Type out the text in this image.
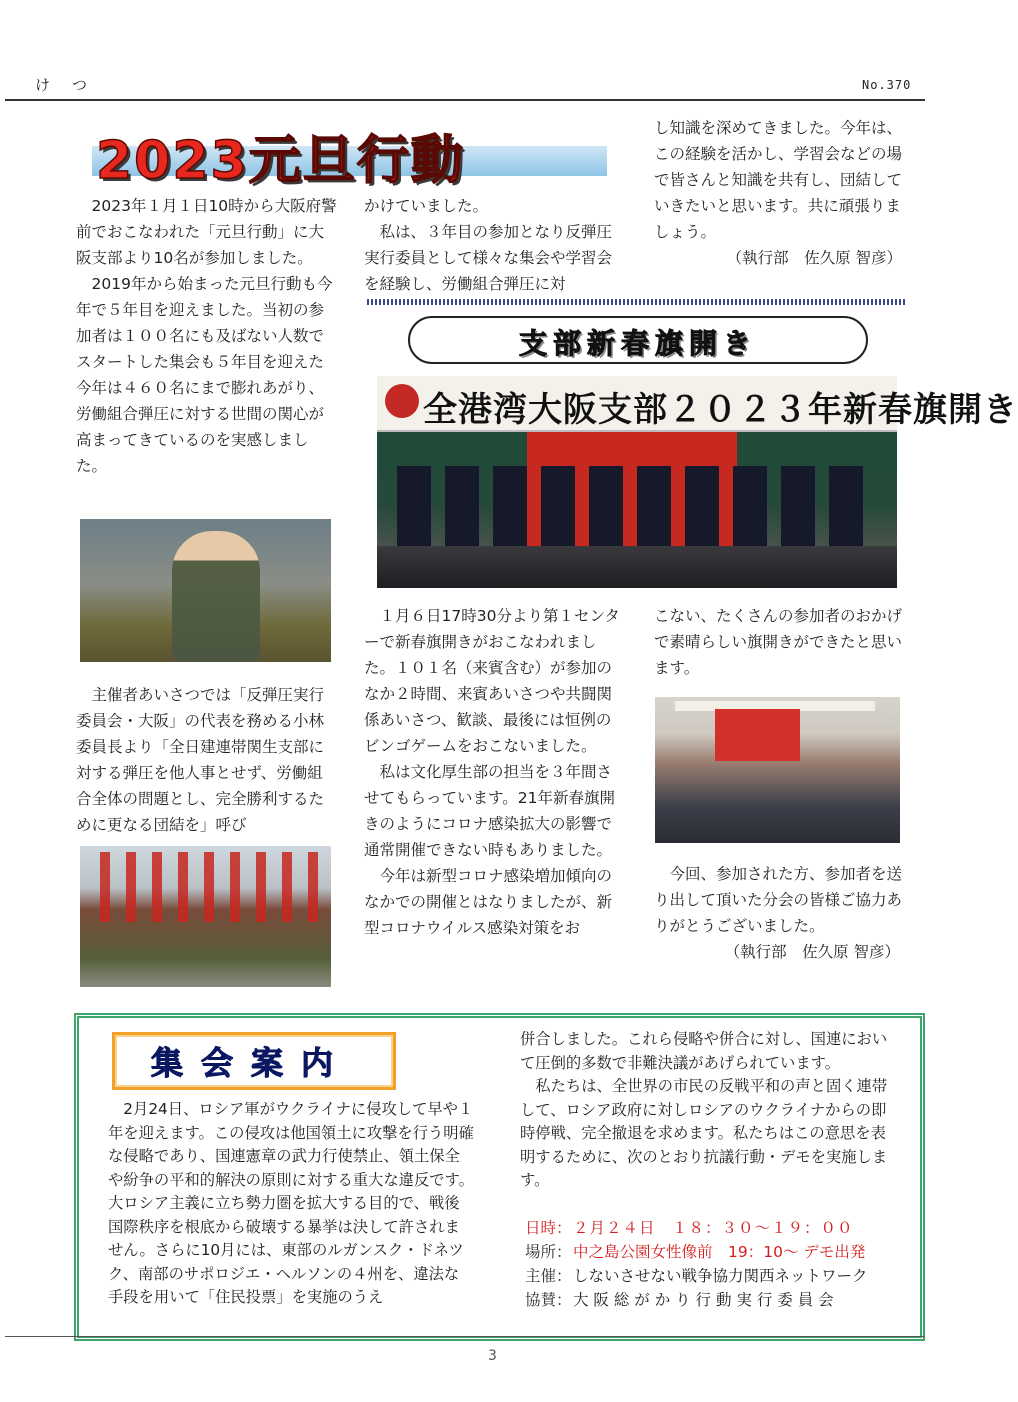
けつ	No.370
2023元旦行動

2023年１月１日10時から大阪府警前でおこなわれた「元旦行動」に大阪支部より10名が参加しました。

2019年から始まった元旦行動も今年で５年目を迎えました。当初の参加者は１００名にも及ばない人数でスタートした集会も５年目を迎えた今年は４６０名にまで膨れあがり、労働組合弾圧に対する世間の関心が高まってきているのを実感しました。

主催者あいさつでは「反弾圧実行委員会・大阪」の代表を務める小林委員長より「全日建連帯関生支部に対する弾圧を他人事とせず、労働組合全体の問題とし、完全勝利するために更なる団結を」呼び

かけていました。

私は、３年目の参加となり反弾圧実行委員として様々な集会や学習会を経験し、労働組合弾圧に対

し知識を深めてきました。今年は、この経験を活かし、学習会などの場で皆さんと知識を共有し、団結していきたいと思います。共に頑張りましょう。

（執行部　佐久原 智彦）

支部新春旗開き
全港湾大阪支部２０２３年新春旗開き

１月６日17時30分より第１センターで新春旗開きがおこなわれました。１０１名（来賓含む）が参加のなか２時間、来賓あいさつや共闘関係あいさつ、歓談、最後には恒例のビンゴゲームをおこないました。

私は文化厚生部の担当を３年間させてもらっています。21年新春旗開きのようにコロナ感染拡大の影響で通常開催できない時もありました。

今年は新型コロナ感染増加傾向のなかでの開催とはなりましたが、新型コロナウイルス感染対策をお

こない、たくさんの参加者のおかげで素晴らしい旗開きができたと思います。

今回、参加された方、参加者を送り出して頂いた分会の皆様ご協力ありがとうございました。

（執行部　佐久原 智彦）

集会案内

2月24日、ロシア軍がウクライナに侵攻して早や１年を迎えます。この侵攻は他国領土に攻撃を行う明確な侵略であり、国連憲章の武力行使禁止、領土保全や紛争の平和的解決の原則に対する重大な違反です。大ロシア主義に立ち勢力圏を拡大する目的で、戦後国際秩序を根底から破壊する暴挙は決して許されません。さらに10月には、東部のルガンスク・ドネツク、南部のサポロジエ・ヘルソンの４州を、違法な手段を用いて「住民投票」を実施のうえ

併合しました。これら侵略や併合に対し、国連において圧倒的多数で非難決議があげられています。

私たちは、全世界の市民の反戦平和の声と固く連帯して、ロシア政府に対しロシアのウクライナからの即時停戦、完全撤退を求めます。私たちはこの意思を表明するために、次のとおり抗議行動・デモを実施します。

日時：２月２４日　１８：３０～１９：００
場所：中之島公園女性像前　19：10～ デモ出発
主催：しないさせない戦争協力関西ネットワーク
協賛：大 阪 総 が か り 行 動 実 行 委 員 会
3
